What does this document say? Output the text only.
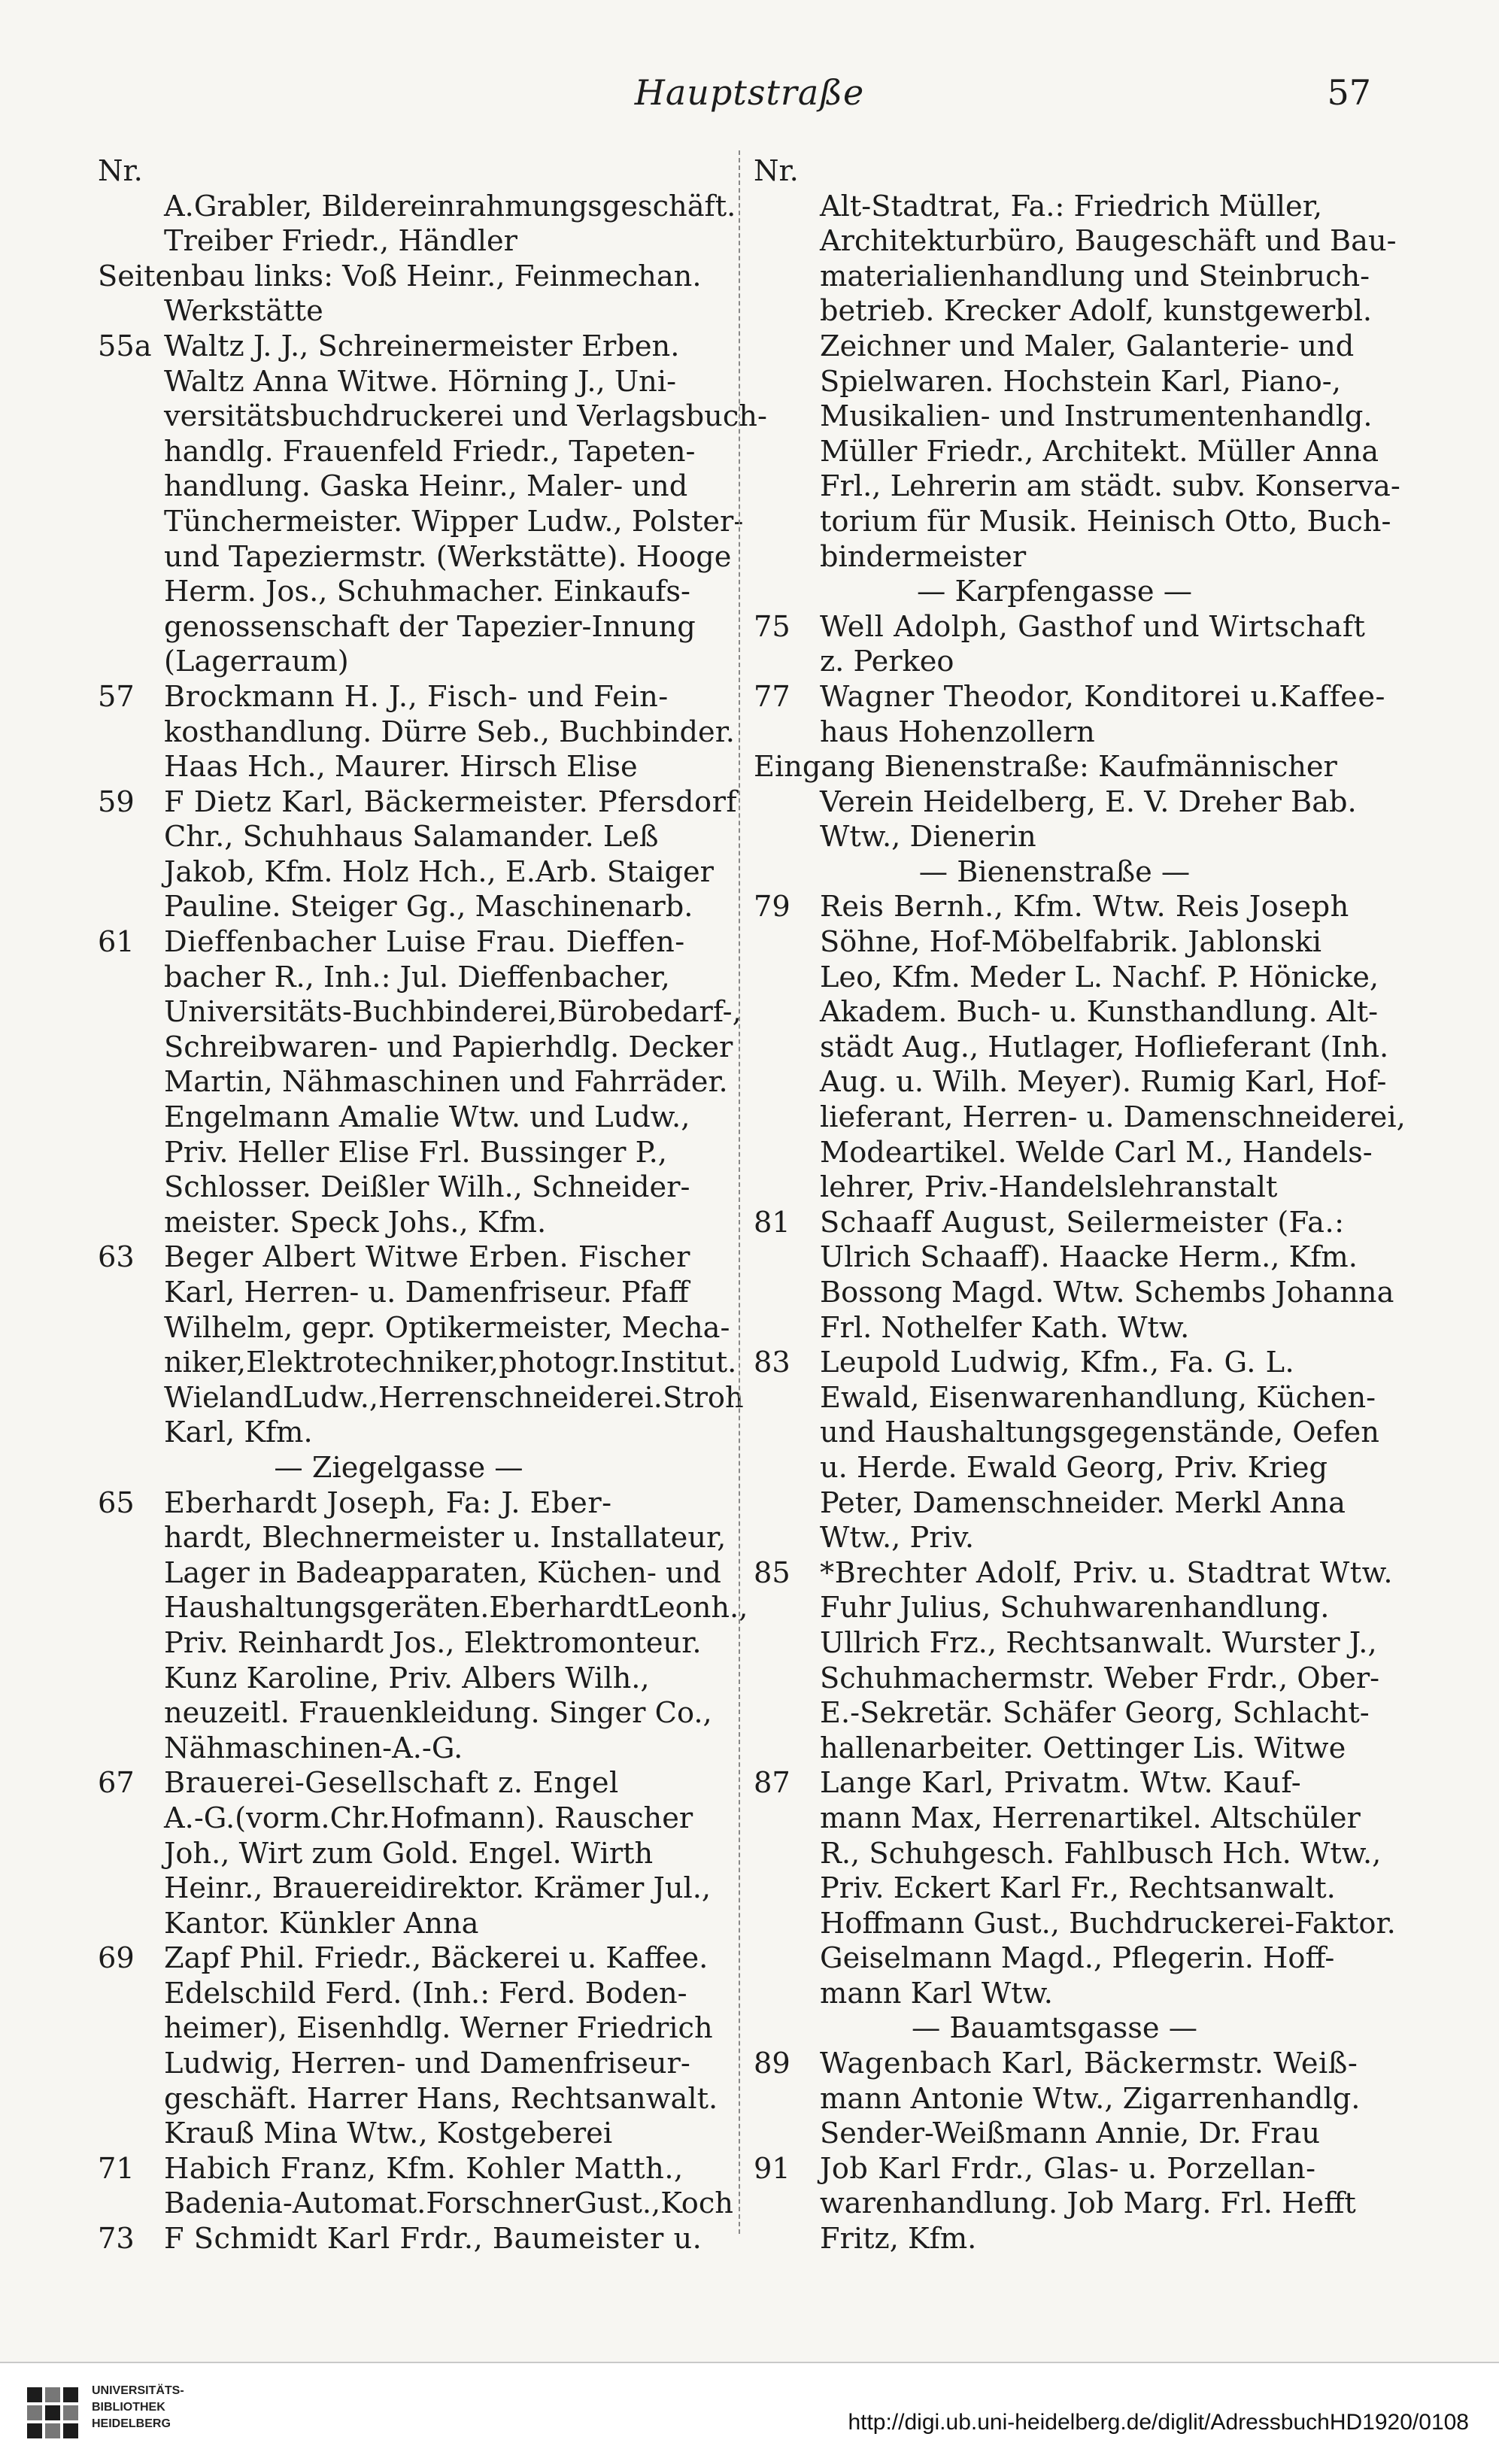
Hauptstraße	57
Nr.
A.Grabler, Bildereinrahmungsgeschäft.
Treiber Friedr., Händler
Seitenbau links: Voß Heinr., Feinmechan.
Werkstätte
55a Waltz J. J., Schreinermeister Erben.
Waltz Anna Witwe. Hörning J., Uni-
versitätsbuchdruckerei und Verlagsbuch-
handlg. Frauenfeld Friedr., Tapeten-
handlung. Gaska Heinr., Maler- und
Tünchermeister. Wipper Ludw., Polster-
und Tapeziermstr. (Werkstätte). Hooge
Herm. Jos., Schuhmacher. Einkaufs-
genossenschaft der Tapezier-Innung
(Lagerraum)
57	Brockmann H. J., Fisch- und Fein-
kosthandlung. Dürre Seb., Buchbinder.
Haas Hch., Maurer. Hirsch Elise
59	F Dietz Karl, Bäckermeister. Pfersdorf
Chr., Schuhhaus Salamander. Leß
Jakob, Kfm. Holz Hch., E.Arb. Staiger
Pauline. Steiger Gg., Maschinenarb.
61	Dieffenbacher Luise Frau. Dieffen-
bacher R., Inh.: Jul. Dieffenbacher,
Universitäts-Buchbinderei,Bürobedarf-,
Schreibwaren- und Papierhdlg. Decker
Martin, Nähmaschinen und Fahrräder.
Engelmann Amalie Wtw. und Ludw.,
Priv. Heller Elise Frl. Bussinger P.,
Schlosser. Deißler Wilh., Schneider-
meister. Speck Johs., Kfm.
63	Beger Albert Witwe Erben. Fischer
Karl, Herren- u. Damenfriseur. Pfaff
Wilhelm, gepr. Optikermeister, Mecha-
niker,Elektrotechniker,photogr.Institut.
WielandLudw.,Herrenschneiderei.Stroh
Karl, Kfm.
— Ziegelgasse —
65	Eberhardt Joseph, Fa: J. Eber-
hardt, Blechnermeister u. Installateur,
Lager in Badeapparaten, Küchen- und
Haushaltungsgeräten.EberhardtLeonh.,
Priv. Reinhardt Jos., Elektromonteur.
Kunz Karoline, Priv. Albers Wilh.,
neuzeitl. Frauenkleidung. Singer Co.,
Nähmaschinen-A.-G.
67	Brauerei-Gesellschaft z. Engel
A.-G.(vorm.Chr.Hofmann). Rauscher
Joh., Wirt zum Gold. Engel. Wirth
Heinr., Brauereidirektor. Krämer Jul.,
Kantor. Künkler Anna
69	Zapf Phil. Friedr., Bäckerei u. Kaffee.
Edelschild Ferd. (Inh.: Ferd. Boden-
heimer), Eisenhdlg. Werner Friedrich
Ludwig, Herren- und Damenfriseur-
geschäft. Harrer Hans, Rechtsanwalt.
Krauß Mina Wtw., Kostgeberei
71	Habich Franz, Kfm. Kohler Matth.,
Badenia-Automat.ForschnerGust.,Koch
73	F Schmidt Karl Frdr., Baumeister u.
Nr.
Alt-Stadtrat, Fa.: Friedrich Müller,
Architekturbüro, Baugeschäft und Bau-
materialienhandlung und Steinbruch-
betrieb. Krecker Adolf, kunstgewerbl.
Zeichner und Maler, Galanterie- und
Spielwaren. Hochstein Karl, Piano-,
Musikalien- und Instrumentenhandlg.
Müller Friedr., Architekt. Müller Anna
Frl., Lehrerin am städt. subv. Konserva-
torium für Musik. Heinisch Otto, Buch-
bindermeister
— Karpfengasse —
75	Well Adolph, Gasthof und Wirtschaft
z. Perkeo
77	Wagner Theodor, Konditorei u.Kaffee-
haus Hohenzollern
Eingang Bienenstraße: Kaufmännischer
Verein Heidelberg, E. V. Dreher Bab.
Wtw., Dienerin
— Bienenstraße —
79	Reis Bernh., Kfm. Wtw. Reis Joseph
Söhne, Hof-Möbelfabrik. Jablonski
Leo, Kfm. Meder L. Nachf. P. Hönicke,
Akadem. Buch- u. Kunsthandlung. Alt-
städt Aug., Hutlager, Hoflieferant (Inh.
Aug. u. Wilh. Meyer). Rumig Karl, Hof-
lieferant, Herren- u. Damenschneiderei,
Modeartikel. Welde Carl M., Handels-
lehrer, Priv.-Handelslehranstalt
81	Schaaff August, Seilermeister (Fa.:
Ulrich Schaaff). Haacke Herm., Kfm.
Bossong Magd. Wtw. Schembs Johanna
Frl. Nothelfer Kath. Wtw.
83	Leupold Ludwig, Kfm., Fa. G. L.
Ewald, Eisenwarenhandlung, Küchen-
und Haushaltungsgegenstände, Oefen
u. Herde. Ewald Georg, Priv. Krieg
Peter, Damenschneider. Merkl Anna
Wtw., Priv.
85	*Brechter Adolf, Priv. u. Stadtrat Wtw.
Fuhr Julius, Schuhwarenhandlung.
Ullrich Frz., Rechtsanwalt. Wurster J.,
Schuhmachermstr. Weber Frdr., Ober-
E.-Sekretär. Schäfer Georg, Schlacht-
hallenarbeiter. Oettinger Lis. Witwe
87	Lange Karl, Privatm. Wtw. Kauf-
mann Max, Herrenartikel. Altschüler
R., Schuhgesch. Fahlbusch Hch. Wtw.,
Priv. Eckert Karl Fr., Rechtsanwalt.
Hoffmann Gust., Buchdruckerei-Faktor.
Geiselmann Magd., Pflegerin. Hoff-
mann Karl Wtw.
— Bauamtsgasse —
89	Wagenbach Karl, Bäckermstr. Weiß-
mann Antonie Wtw., Zigarrenhandlg.
Sender-Weißmann Annie, Dr. Frau
91	Job Karl Frdr., Glas- u. Porzellan-
warenhandlung. Job Marg. Frl. Hefft
Fritz, Kfm.
UNIVERSITÄTS-
BIBLIOTHEK
HEIDELBERG	http://digi.ub.uni-heidelberg.de/diglit/AdressbuchHD1920/0108
